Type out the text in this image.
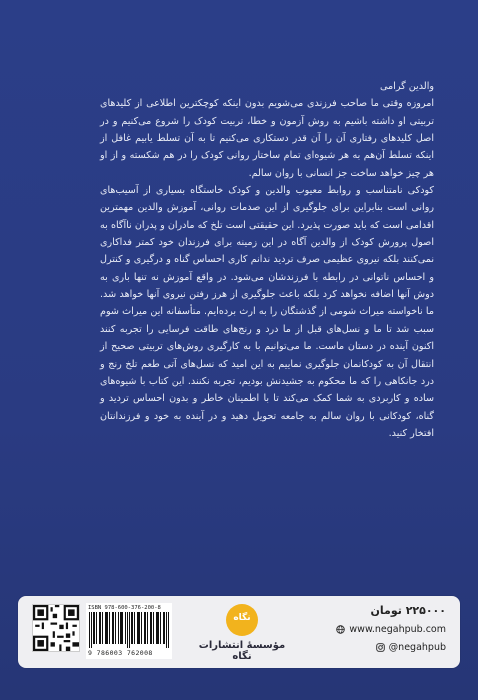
والدین گرامی

امروزه وقتی ما صاحب فرزندی می‌شویم بدون اینکه کوچکترین اطلاعی از کلیدهای تربیتی او داشته باشیم به روش آزمون و خطا، تربیت کودک را شروع می‌کنیم و در اصل کلیدهای رفتاری آن را آن قدر دستکاری می‌کنیم تا به آن تسلط یابیم غافل از اینکه تسلط آن‌هم به هر شیوه‌ای تمام ساختار روانی کودک را در هم شکسته و از او هر چیز خواهد ساخت جز انسانی با روان سالم.

کودکی نامتناسب و روابط معیوب والدین و کودک خاستگاه بسیاری از آسیب‌های روانی است بنابراین برای جلوگیری از این صدمات روانی، آموزش والدین مهمترین اقدامی است که باید صورت پذیرد. این حقیقتی است تلخ که مادران و پدران ناآگاه به اصول پرورش کودک از والدین آگاه در این زمینه برای فرزندان خود کمتر فداکاری نمی‌کنند بلکه نیروی عظیمی صرف تردید ندانم کاری احساس گناه و درگیری و کنترل و احساس ناتوانی در رابطه با فرزندشان می‌شود. در واقع آموزش نه تنها باری به دوش آنها اضافه نخواهد کرد بلکه باعث جلوگیری از هرز رفتن نیروی آنها خواهد شد. ما ناخواسته میراث شومی از گذشتگان را به ارث برده‌ایم. متأسفانه این میراث شوم سبب شد تا ما و نسل‌های قبل از ما درد و رنج‌های طاقت فرسایی را تجربه کنند اکنون آینده در دستان ماست. ما می‌توانیم با به کارگیری روش‌های تربیتی صحیح از انتقال آن به کودکانمان جلوگیری نماییم به این امید که نسل‌های آتی طعم تلخ رنج و درد جانکاهی را که ما محکوم به جشیدنش بودیم، تجربه نکنند. این کتاب با شیوه‌های ساده و کاربردی به شما کمک می‌کند تا با اطمینان خاطر و بدون احساس تردید و گناه، کودکانی با روان سالم به جامعه تحویل دهید و در آینده به خود و فرزندانتان افتخار کنید.

ISBN 978-600-376-200-8
9 786003 762008
نگاه
مؤسسهٔ انتشارات نگاه
۲۲۵۰۰۰ تومان
www.negahpub.com
@negahpub
